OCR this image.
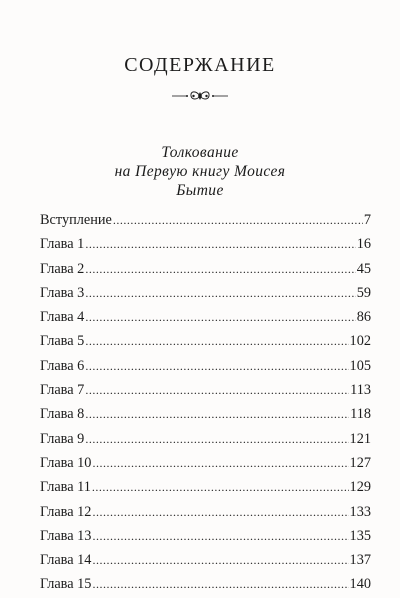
СОДЕРЖАНИЕ
Толкование
на Первую книгу Моисея
Бытие
Вступление .....	7
Глава 1 .....	16
Глава 2 .....	45
Глава 3 .....	59
Глава 4 .....	86
Глава 5 .....	102
Глава 6 .....	105
Глава 7 .....	113
Глава 8 .....	118
Глава 9 .....	121
Глава 10 .....	127
Глава 11 .....	129
Глава 12 .....	133
Глава 13 .....	135
Глава 14 .....	137
Глава 15 .....	140
